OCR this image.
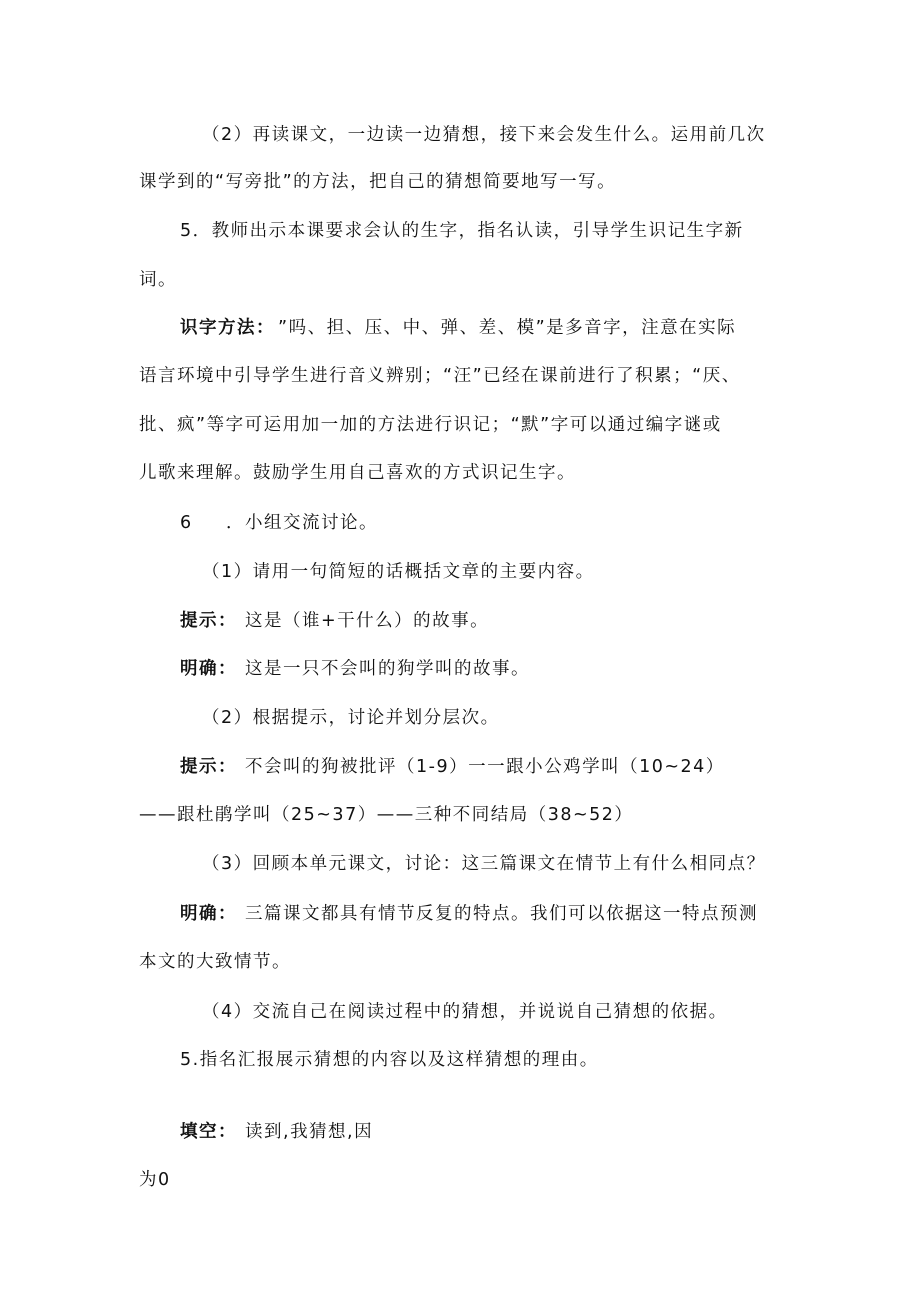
（2）再读课文，一边读一边猜想，接下来会发生什么。运用前几次
课学到的“写旁批”的方法，把自己的猜想简要地写一写。
5．教师出示本课要求会认的生字，指名认读，引导学生识记生字新
词。
识字方法： ”吗、担、压、中、弹、差、模”是多音字，注意在实际
语言环境中引导学生进行音义辨别；“汪”已经在课前进行了积累；“厌、
批、疯”等字可运用加一加的方法进行识记；“默”字可以通过编字谜或
儿歌来理解。鼓励学生用自己喜欢的方式识记生字。
6 ．小组交流讨论。
（1）请用一句简短的话概括文章的主要内容。
提示： 这是（谁+干什么）的故事。
明确： 这是一只不会叫的狗学叫的故事。
（2）根据提示，讨论并划分层次。
提示： 不会叫的狗被批评（1-9）一一跟小公鸡学叫（10~24）
——跟杜鹃学叫（25~37）——三种不同结局（38~52）
（3）回顾本单元课文，讨论：这三篇课文在情节上有什么相同点？
明确： 三篇课文都具有情节反复的特点。我们可以依据这一特点预测
本文的大致情节。
（4）交流自己在阅读过程中的猜想，并说说自己猜想的依据。
5.指名汇报展示猜想的内容以及这样猜想的理由。
填空： 读到,我猜想,因
为0
